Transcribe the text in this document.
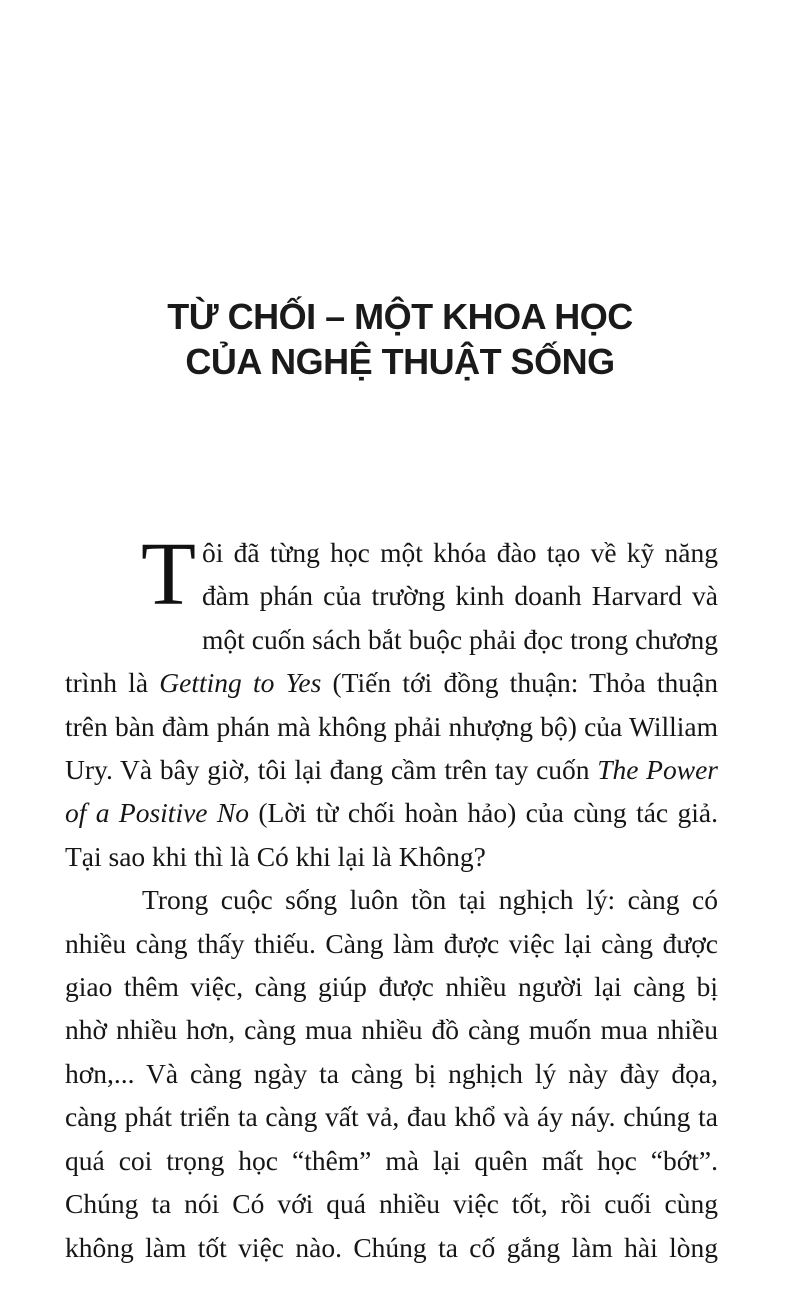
TỪ CHỐI – MỘT KHOA HỌC
CỦA NGHỆ THUẬT SỐNG

Tôi đã từng học một khóa đào tạo về kỹ năng đàm phán của trường kinh doanh Harvard và một cuốn sách bắt buộc phải đọc trong chương trình là Getting to Yes (Tiến tới đồng thuận: Thỏa thuận trên bàn đàm phán mà không phải nhượng bộ) của William Ury. Và bây giờ, tôi lại đang cầm trên tay cuốn The Power of a Positive No (Lời từ chối hoàn hảo) của cùng tác giả. Tại sao khi thì là Có khi lại là Không?

Trong cuộc sống luôn tồn tại nghịch lý: càng có nhiều càng thấy thiếu. Càng làm được việc lại càng được giao thêm việc, càng giúp được nhiều người lại càng bị nhờ nhiều hơn, càng mua nhiều đồ càng muốn mua nhiều hơn,... Và càng ngày ta càng bị nghịch lý này đày đọa, càng phát triển ta càng vất vả, đau khổ và áy náy. chúng ta quá coi trọng học “thêm” mà lại quên mất học “bớt”. Chúng ta nói Có với quá nhiều việc tốt, rồi cuối cùng không làm tốt việc nào. Chúng ta cố gắng làm hài lòng
